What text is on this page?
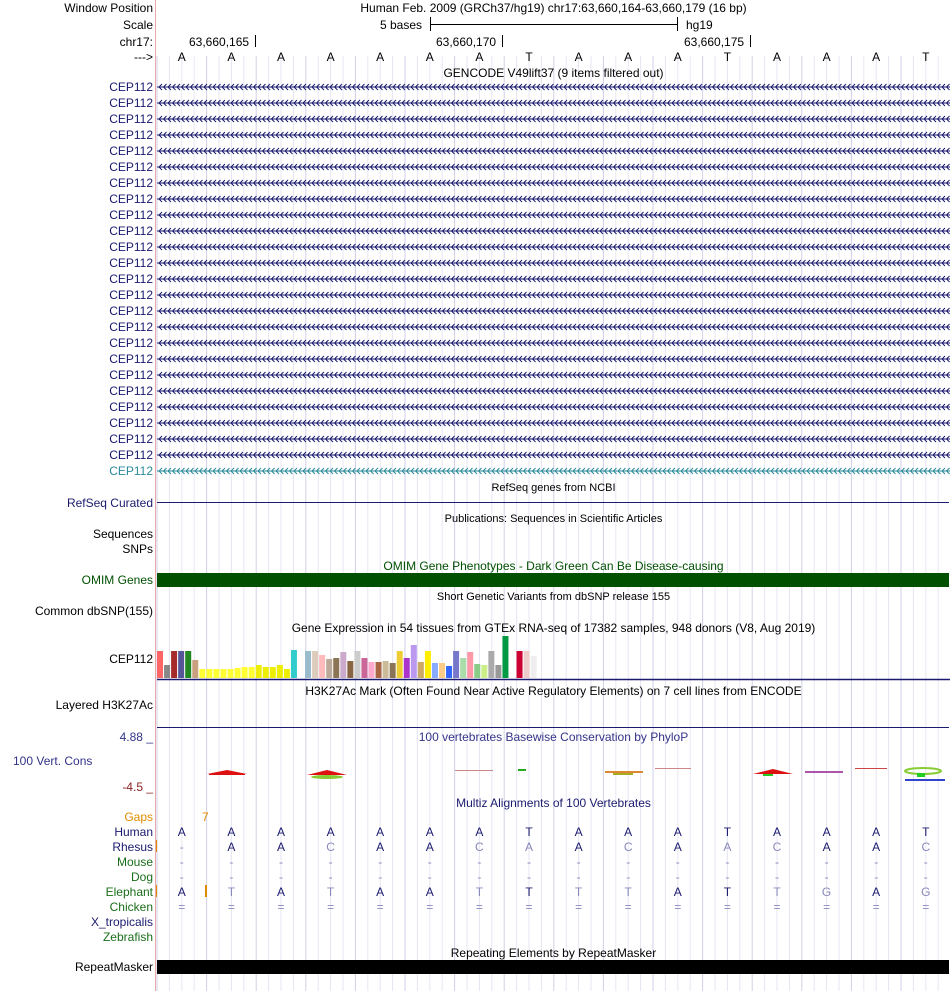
Window Position	Human Feb. 2009 (GRCh37/hg19) chr17:63,660,164-63,660,179 (16 bp)
Scale	5 bases	hg19
chr17:	63,660,165	63,660,170	63,660,175
---> A	A	A	A	A	A	A	T	A	A	A	T	A	A	A	T
GENCODE V49lift37 (9 items filtered out)
CEP112
CEP112
CEP112
CEP112
CEP112
CEP112
CEP112
CEP112
CEP112
CEP112
CEP112
CEP112
CEP112
CEP112
CEP112
CEP112
CEP112
CEP112
CEP112
CEP112
CEP112
CEP112
CEP112
CEP112
CEP112
RefSeq genes from NCBI
RefSeq Curated
Publications: Sequences in Scientific Articles
Sequences
SNPs
OMIM Gene Phenotypes - Dark Green Can Be Disease-causing
OMIM Genes
Short Genetic Variants from dbSNP release 155
Common dbSNP(155)
Gene Expression in 54 tissues from GTEx RNA-seq of 17382 samples, 948 donors (V8, Aug 2019)
CEP112
H3K27Ac Mark (Often Found Near Active Regulatory Elements) on 7 cell lines from ENCODE
Layered H3K27Ac
4.88 _	100 vertebrates Basewise Conservation by PhyloP
100 Vert. Cons
-4.5 _
Multiz Alignments of 100 Vertebrates
Gaps	7
Human A	A	A	A	A	A	A	T	A	A	A	T	A	A	A	T
Rhesus -	A	A	C	A	A	C	A	A	C	A	A	C	A	A	C
Mouse -	-	-	-	-	-	-	-	-	-	-	-	-	-	-	-
Dog -	-	-	-	-	-	-	-	-	-	-	-	-	-	-	-
Elephant A	T	A	T	A	A	T	T	T	T	A	T	T	G	A	G
Chicken =	=	=	=	=	=	=	=	=	=	=	=	=	=	=	=
X_tropicalis
Zebrafish
Repeating Elements by RepeatMasker
RepeatMasker
